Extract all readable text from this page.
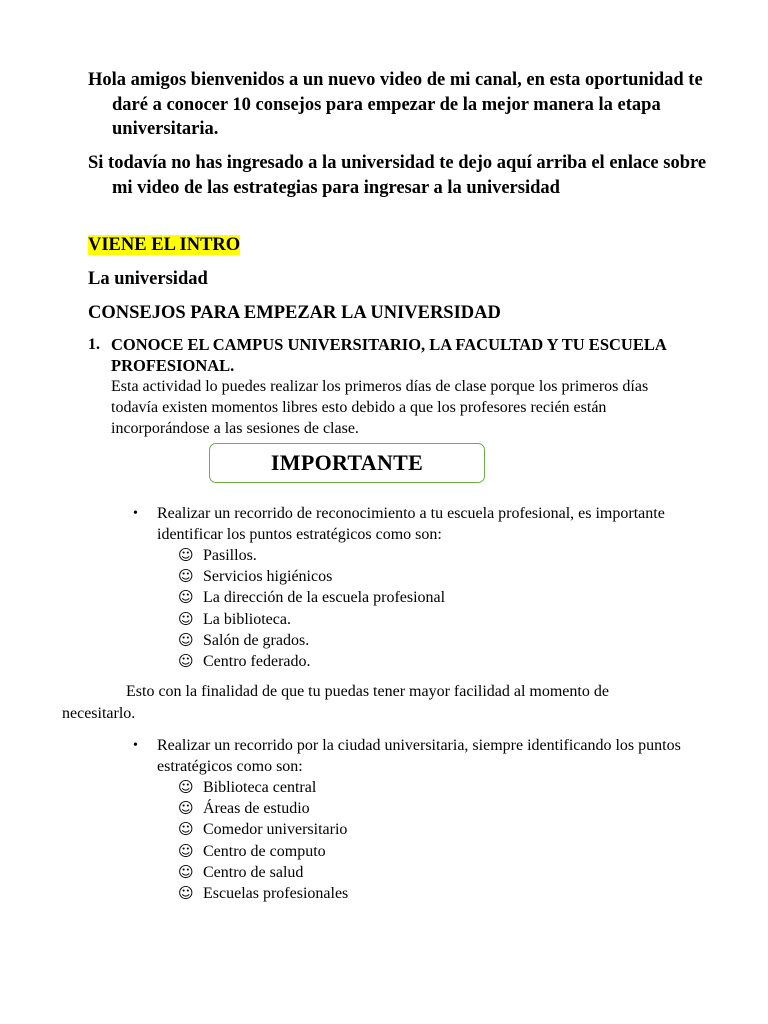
Hola amigos bienvenidos a un nuevo video de mi canal, en esta oportunidad te daré a conocer 10 consejos para empezar de la mejor manera la etapa universitaria.
Si todavía no has ingresado a la universidad te dejo aquí arriba el enlace sobre mi video de las estrategias para ingresar a la universidad
VIENE EL INTRO
La universidad
CONSEJOS PARA EMPEZAR LA UNIVERSIDAD
1. CONOCE EL CAMPUS UNIVERSITARIO, LA FACULTAD Y TU ESCUELA PROFESIONAL.
Esta actividad lo puedes realizar los primeros días de clase porque los primeros días todavía existen momentos libres esto debido a que los profesores recién están incorporándose a las sesiones de clase.
IMPORTANTE
• Realizar un recorrido de reconocimiento a tu escuela profesional, es importante identificar los puntos estratégicos como son:
☺ Pasillos.
☺ Servicios higiénicos
☺ La dirección de la escuela profesional
☺ La biblioteca.
☺ Salón de grados.
☺ Centro federado.
Esto con la finalidad de que tu puedas tener mayor facilidad al momento de necesitarlo.
• Realizar un recorrido por la ciudad universitaria, siempre identificando los puntos estratégicos como son:
☺ Biblioteca central
☺ Áreas de estudio
☺ Comedor universitario
☺ Centro de computo
☺ Centro de salud
☺ Escuelas profesionales
